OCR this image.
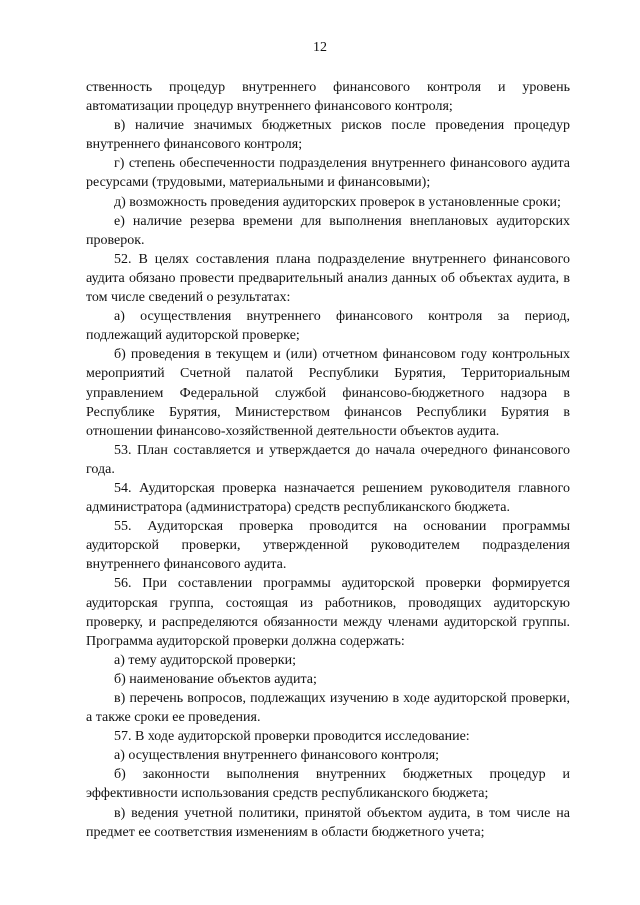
12

ственность процедур внутреннего финансового контроля и уровень автоматизации процедур внутреннего финансового контроля;

в) наличие значимых бюджетных рисков после проведения процедур внутреннего финансового контроля;

г) степень обеспеченности подразделения внутреннего финансового аудита ресурсами (трудовыми, материальными и финансовыми);

д) возможность проведения аудиторских проверок в установленные сроки;

е) наличие резерва времени для выполнения внеплановых аудиторских проверок.

52. В целях составления плана подразделение внутреннего финансового аудита обязано провести предварительный анализ данных об объектах аудита, в том числе сведений о результатах:

а) осуществления внутреннего финансового контроля за период, подлежащий аудиторской проверке;

б) проведения в текущем и (или) отчетном финансовом году контрольных мероприятий Счетной палатой Республики Бурятия, Территориальным управлением Федеральной службой финансово-бюджетного надзора в Республике Бурятия, Министерством финансов Республики Бурятия в отношении финансово-хозяйственной деятельности объектов аудита.

53. План составляется и утверждается до начала очередного финансового года.

54. Аудиторская проверка назначается решением руководителя главного администратора (администратора) средств республиканского бюджета.

55. Аудиторская проверка проводится на основании программы аудиторской проверки, утвержденной руководителем подразделения внутреннего финансового аудита.

56. При составлении программы аудиторской проверки формируется аудиторская группа, состоящая из работников, проводящих аудиторскую проверку, и распределяются обязанности между членами аудиторской группы. Программа аудиторской проверки должна содержать:

а) тему аудиторской проверки;

б) наименование объектов аудита;

в) перечень вопросов, подлежащих изучению в ходе аудиторской проверки, а также сроки ее проведения.

57. В ходе аудиторской проверки проводится исследование:

а) осуществления внутреннего финансового контроля;

б) законности выполнения внутренних бюджетных процедур и эффективности использования средств республиканского бюджета;

в) ведения учетной политики, принятой объектом аудита, в том числе на предмет ее соответствия изменениям в области бюджетного учета;
